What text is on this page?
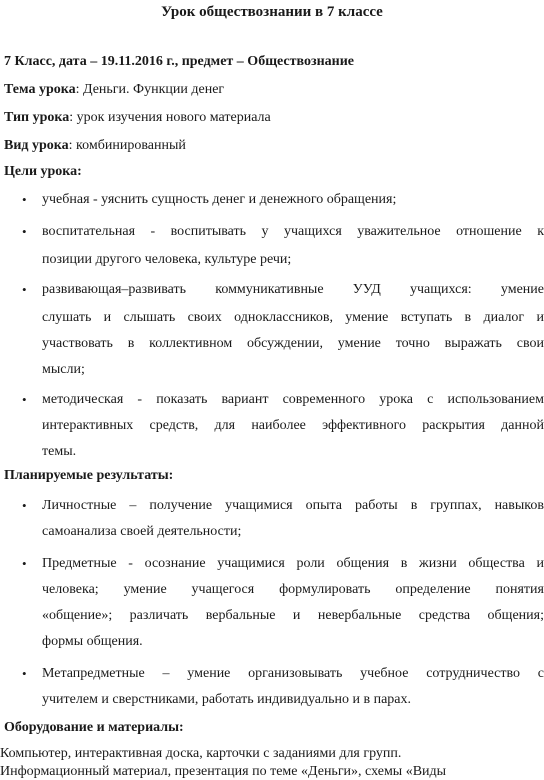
Урок обществознании в 7 классе
7 Класс, дата – 19.11.2016 г., предмет – Обществознание
Тема урока: Деньги. Функции денег
Тип урока: урок изучения нового материала
Вид урока: комбинированный
Цели урока:
• учебная - уяснить сущность денег и денежного обращения;
• воспитательная - воспитывать у учащихся уважительное отношение к
позиции другого человека, культуре речи;
• развивающая–развивать коммуникативные УУД учащихся: умение
слушать и слышать своих одноклассников, умение вступать в диалог и
участвовать в коллективном обсуждении, умение точно выражать свои
мысли;
• методическая - показать вариант современного урока с использованием
интерактивных средств, для наиболее эффективного раскрытия данной
темы.
Планируемые результаты:
• Личностные – получение учащимися опыта работы в группах, навыков
самоанализа своей деятельности;
• Предметные - осознание учащимися роли общения в жизни общества и
человека; умение учащегося формулировать определение понятия
«общение»; различать вербальные и невербальные средства общения;
формы общения.
• Метапредметные – умение организовывать учебное сотрудничество с
учителем и сверстниками, работать индивидуально и в парах.
Оборудование и материалы:
Компьютер, интерактивная доска, карточки с заданиями для групп.
Информационный материал, презентация по теме «Деньги», схемы «Виды
